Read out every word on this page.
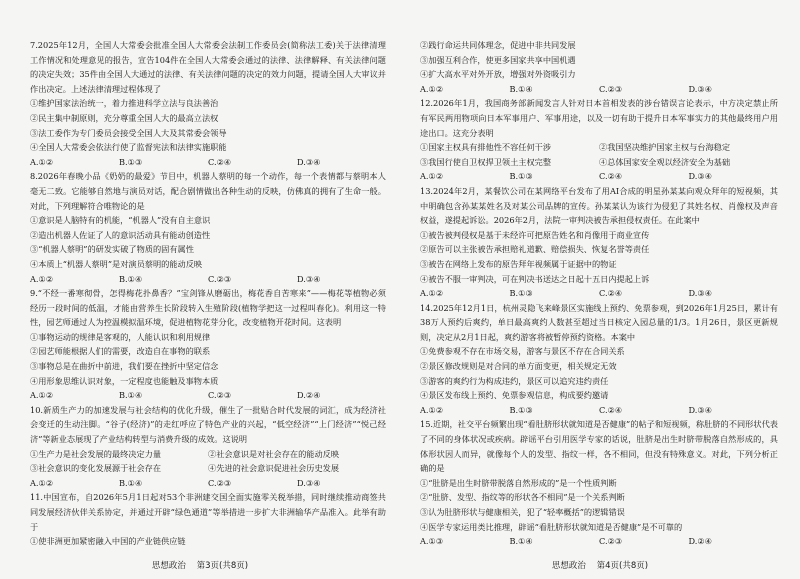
7.2025年12月，全国人大常委会批准全国人大常委会法制工作委员会(简称法工委)关于法律清理工作情况和处理意见的报告，宣告104件在全国人大常委会通过的法律、法律解释、有关法律问题的决定失效；35件由全国人大通过的法律、有关法律问题的决定的效力问题，提请全国人大审议并作出决定。上述法律清理过程体现了

①维护国家法治统一，着力推进科学立法与良法善治

②民主集中制原则，充分尊重全国人大的最高立法权

③法工委作为专门委员会接受全国人大及其常委会领导

④全国人大常委会依法行使了监督宪法和法律实施职能

A.①②	B.①③	C.②④	D.③④

8.2026年春晚小品《奶奶的最爱》节目中，机器人蔡明的每一个动作，每一个表情都与蔡明本人毫无二致。它能够自然地与演员对话，配合剧情做出各种生动的反映，仿佛真的拥有了生命一般。对此，下列理解符合唯物论的是

①意识是人脑特有的机能，“机器人”没有自主意识

②造出机器人佐证了人的意识活动具有能动创造性

③“机器人蔡明”的研发实破了物质的固有属性

④本质上“机器人蔡明”是对演员蔡明的能动反映

A.①②	B.①④	C.②③	D.③④

9.“不经一番寒彻骨，怎得梅花扑鼻香？”宝剑锋从磨砺出，梅花香自苦寒来”——梅花等植物必须经历一段时间的低温，才能由营养生长阶段转入生殖阶段(植物学把这一过程叫春化)。利用这一特性，园艺师通过人为控温模拟温环境，促进植物花芽分化，改变植物开花时间。这表明

①事物运动的规律是客观的，人能认识和利用规律

②园艺师能根据人们的需要，改造自在事物的联系

③事物总是在曲折中前进，我们要在挫折中坚定信念

④用形象思维认识对象，一定程度也能触及事物本质

A.①②	B.①④	C.②③	D.②④

10.新质生产力的加速发展与社会结构的优化升级，催生了一批贴合时代发展的词汇，成为经济社会变迁的生动注脚。“谷子(经济)”的走红呼应了特色产业的兴起，“低空经济”“上门经济”“悦己经济”等新业态展现了产业结构转型与消费升级的成效。这说明

①生产力是社会发展的最终决定力量	②社会意识是对社会存在的能动反映
③社会意识的变化发展源于社会存在	④先进的社会意识促进社会历史发展
A.①②	B.①④	C.②③	D.③④

11.中国宣布，自2026年5月1日起对53个非洲建交国全面实施零关税举措，同时继续推动商签共同发展经济伙伴关系协定，并通过开辟“绿色通道”等举措进一步扩大非洲输华产品准入。此举有助于

①使非洲更加紧密融入中国的产业链供应链

思想政治 第3页(共8页)

②践行命运共同体理念，促进中非共同发展

③加强互利合作，使更多国家共享中国机遇

④扩大高水平对外开放，增强对外资吸引力

A.①②	B.①④	C.②③	D.③④

12.2026年1月，我国商务部新闻发言人针对日本首相发表的涉台错误言论表示，中方决定禁止所有军民两用物项向日本军事用户、军事用途，以及一切有助于提升日本军事实力的其他最终用户用途出口。这充分表明

①国家主权具有排他性不容任何干涉	②我国坚决维护国家主权与台海稳定
③我国行使自卫权捍卫领土主权完整	④总体国家安全观以经济安全为基础
A.①②	B.①③	C.②④	D.③④

13.2024年2月，某餐饮公司在某网络平台发布了用AI合成的明星孙某某向观众拜年的短视频，其中明确包含孙某某姓名及对某公司品牌的宣传。孙某某认为该行为侵犯了其姓名权、肖像权及声音权益，遂提起诉讼。2026年2月，法院一审判决被告承担侵权责任。在此案中

①被告被判侵权是基于未经许可把原告姓名和肖像用于商业宣传

②原告可以主张被告承担赔礼道歉、赔偿损失、恢复名誉等责任

③被告在网络上发布的原告拜年视频属于证据中的物证

④被告不服一审判决，可在判决书送达之日起十五日内提起上诉

A.①②	B.①③	C.②④	D.③④

14.2025年12月1日，杭州灵隐飞来峰景区实施线上预约、免票参观，到2026年1月25日，累计有38万人预约后爽约，单日最高爽约人数甚至超过当日核定入园总量的1/3。1月26日，景区更新规则，决定从2月1日起，爽约游客将被暂停预约资格。本案中

①免费参观不存在市场交易，游客与景区不存在合同关系

②景区修改规则是对合同的单方面变更，相关规定无效

③游客的爽约行为构成违约，景区可以追究违约责任

④景区发布线上预约、免票参观信息，构成要约邀请

A.①②	B.①③	C.②④	D.③④

15.近期，社交平台频繁出现“看肚脐形状就知道是否健康”的帖子和短视频，称肚脐的不同形状代表了不同的身体状况或疾病。辟谣平台引用医学专家的话说，肚脐是出生时脐带脱落自然形成的，具体形状因人而异，就像每个人的发型、指纹一样，各不相同，但没有特殊意义。对此，下列分析正确的是

①“肚脐是出生时脐带脱落自然形成的”是一个性质判断

②“肚脐、发型、指纹等的形状各不相同”是一个关系判断

③认为肚脐形状与健康相关，犯了“轻率概括”的逻辑错误

④医学专家运用类比推理，辟谣“看肚脐形状就知道是否健康”是不可靠的

A.①③	B.①④	C.②③	D.②④
思想政治 第4页(共8页)
